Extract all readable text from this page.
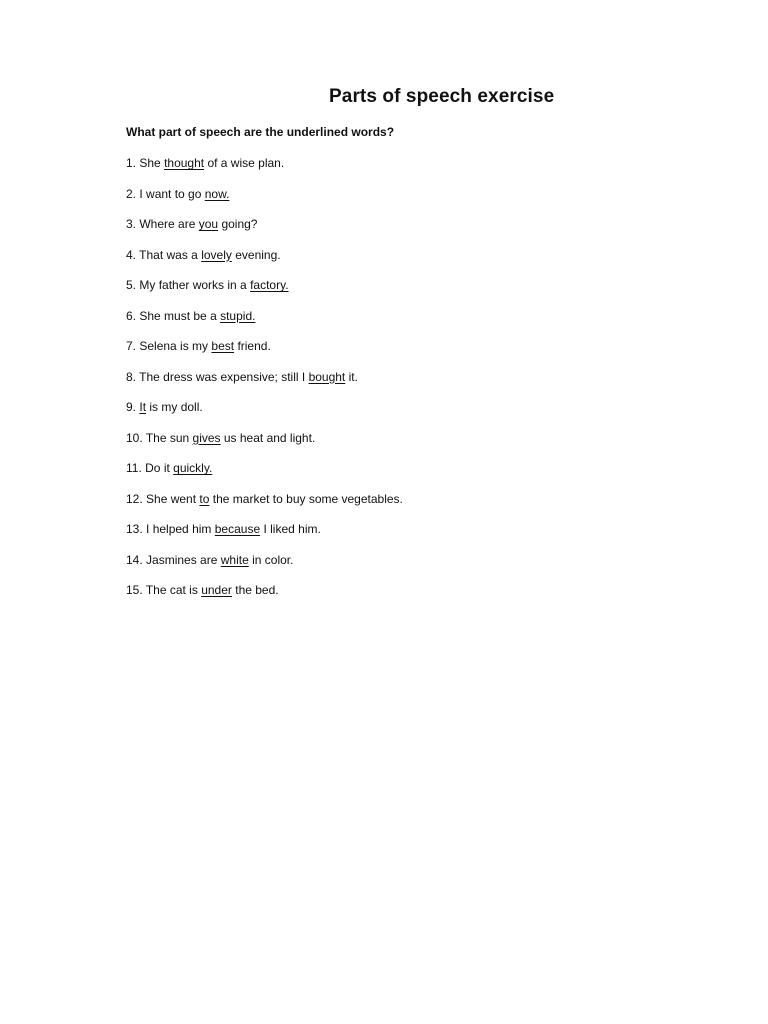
Parts of speech exercise
What part of speech are the underlined words?
1. She thought of a wise plan.
2. I want to go now.
3. Where are you going?
4. That was a lovely evening.
5. My father works in a factory.
6. She must be a stupid.
7. Selena is my best friend.
8. The dress was expensive; still I bought it.
9. It is my doll.
10. The sun gives us heat and light.
11. Do it quickly.
12. She went to the market to buy some vegetables.
13. I helped him because I liked him.
14. Jasmines are white in color.
15. The cat is under the bed.
